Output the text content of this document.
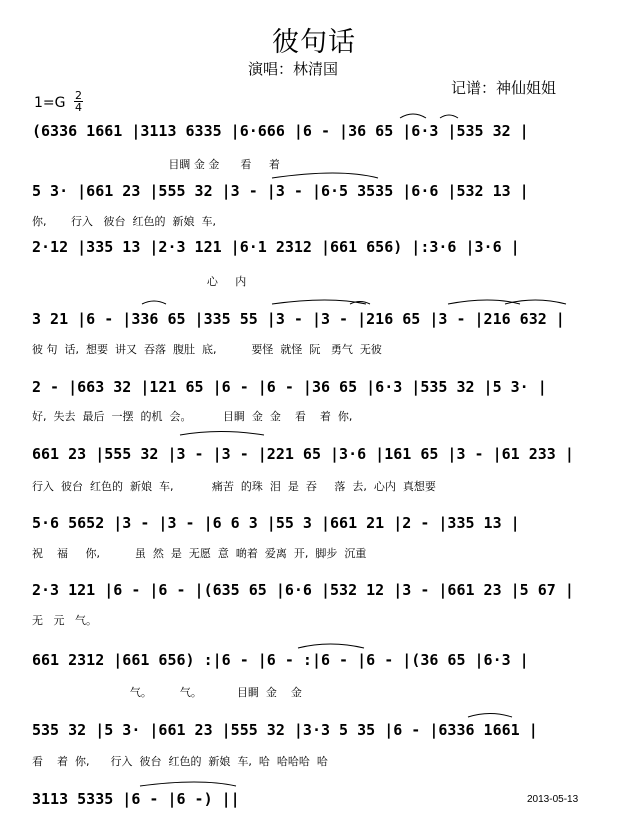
彼句话
演唱：林清国
记谱：神仙姐姐
1=G 2
4
(6336 1661 |3113 6335 |6·666 |6 - |36 65 |6·3 |535 32 |
目睭 金 金      看     着
5 3· |661 23 |555 32 |3 - |3 - |6·5 3535 |6·6 |532 13 |
你,       行入   彼台  红色的  新娘  车,
2·12 |335 13 |2·3 121 |6·1 2312 |661 656) |:3·6 |3·6 |
心     内
3 21 |6 - |336 65 |335 55 |3 - |3 - |216 65 |3 - |216 632 |
彼 句  话,  想要  讲又  吞落  腹肚  底,          要怪  就怪  阮   勇气  无彼
2 - |663 32 |121 65 |6 - |6 - |36 65 |6·3 |535 32 |5 3· |
好,  失去  最后  一摆  的机  会。         目睭  金  金    看    着  你,
661 23 |555 32 |3 - |3 - |221 65 |3·6 |161 65 |3 - |61 233 |
行入  彼台  红色的  新娘  车,           痛苦  的珠  泪  是  吞     落  去,  心内  真想要
5·6 5652 |3 - |3 - |6 6 3 |55 3 |661 21 |2 - |335 13 |
祝    福     你,          虽  然  是  无愿  意  啲着  爱离  开,  脚步  沉重
2·3 121 |6 - |6 - |(635 65 |6·6 |532 12 |3 - |661 23 |5 67 |
无   元   气。
661 2312 |661 656) :|6 - |6 - :|6 - |6 - |(36 65 |6·3 |
气。        气。          目睭  金    金
535 32 |5 3· |661 23 |555 32 |3·3 5 35 |6 - |6336 1661 |
看    着  你,      行入  彼台  红色的  新娘  车,  哈  哈哈哈  哈
3113 5335 |6 - |6 -) ||	2013-05-13
